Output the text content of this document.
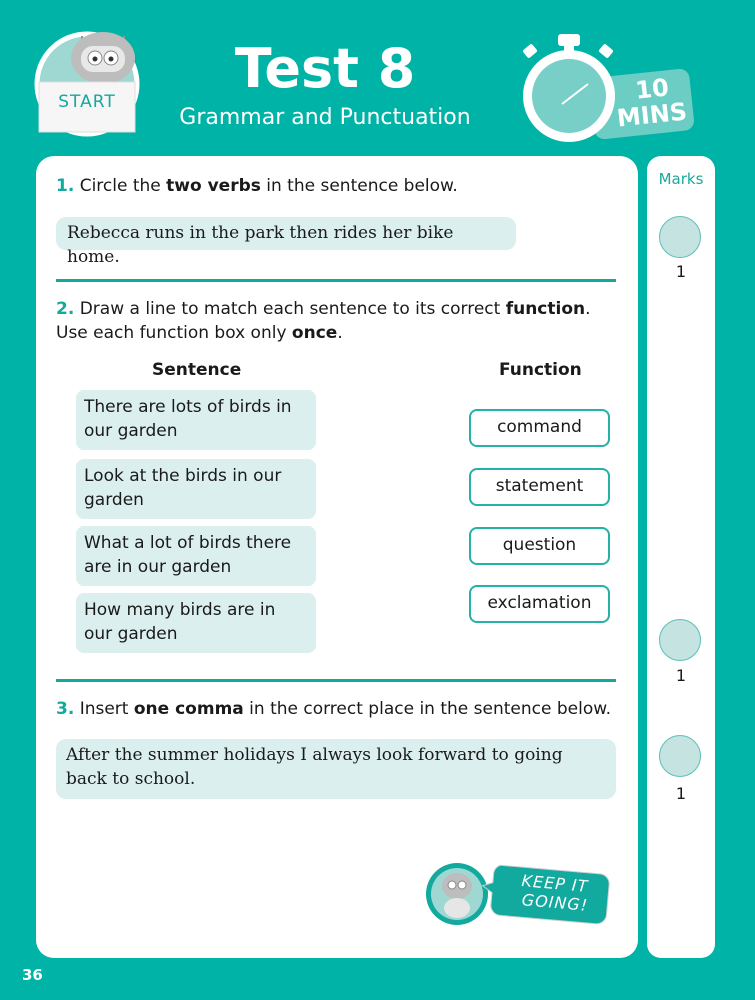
START
Test 8
Grammar and Punctuation
10
MINS
1. Circle the two verbs in the sentence below.
Rebecca runs in the park then rides her bike home.
2. Draw a line to match each sentence to its correct function.
Use each function box only once.
Sentence	Function
There are lots of birds in our garden
Look at the birds in our garden
What a lot of birds there are in our garden
How many birds are in our garden
command
statement
question
exclamation
3. Insert one comma in the correct place in the sentence below.
After the summer holidays I always look forward to going back to school.
KEEP IT
GOING!
Marks
1
1
1
36
